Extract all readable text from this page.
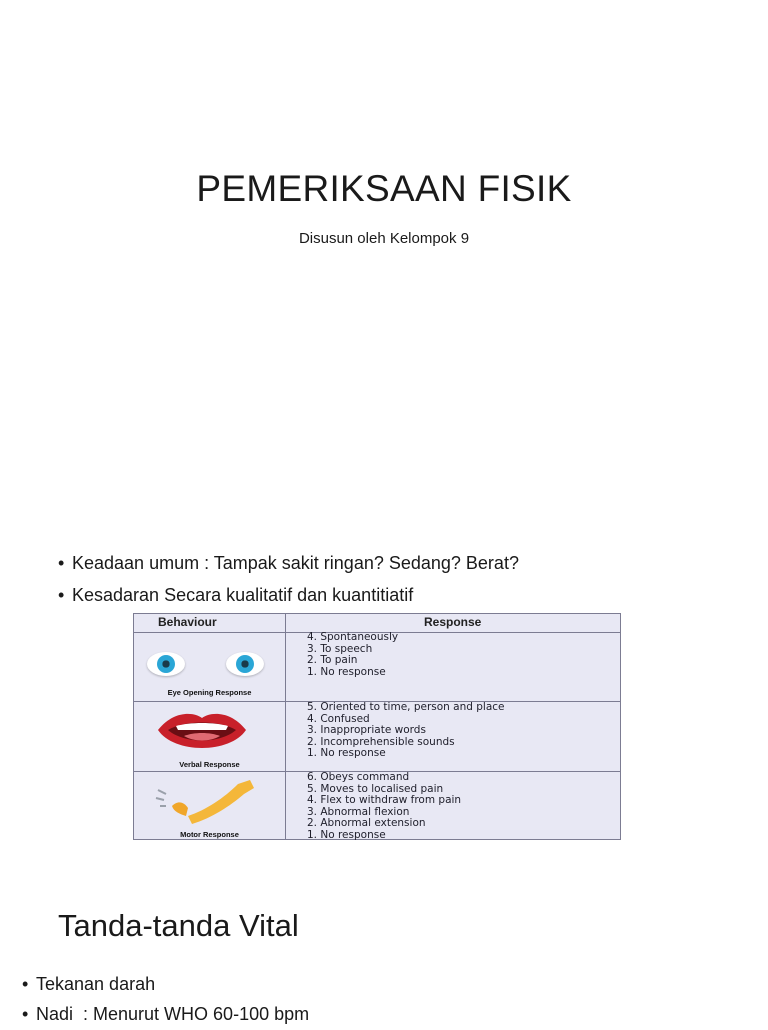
PEMERIKSAAN FISIK
Disusun oleh Kelompok 9
• Keadaan umum : Tampak sakit ringan? Sedang? Berat?
• Kesadaran Secara kualitatif dan kuantitiatif
Behaviour	Response
Eye Opening Response
4. Spontaneously
3. To speech
2. To pain
1. No response
Verbal Response
5. Oriented to time, person and place
4. Confused
3. Inappropriate words
2. Incomprehensible sounds
1. No response
Motor Response
6. Obeys command
5. Moves to localised pain
4. Flex to withdraw from pain
3. Abnormal flexion
2. Abnormal extension
1. No response
Tanda-tanda Vital
• Tekanan darah
• Nadi  : Menurut WHO 60-100 bpm
